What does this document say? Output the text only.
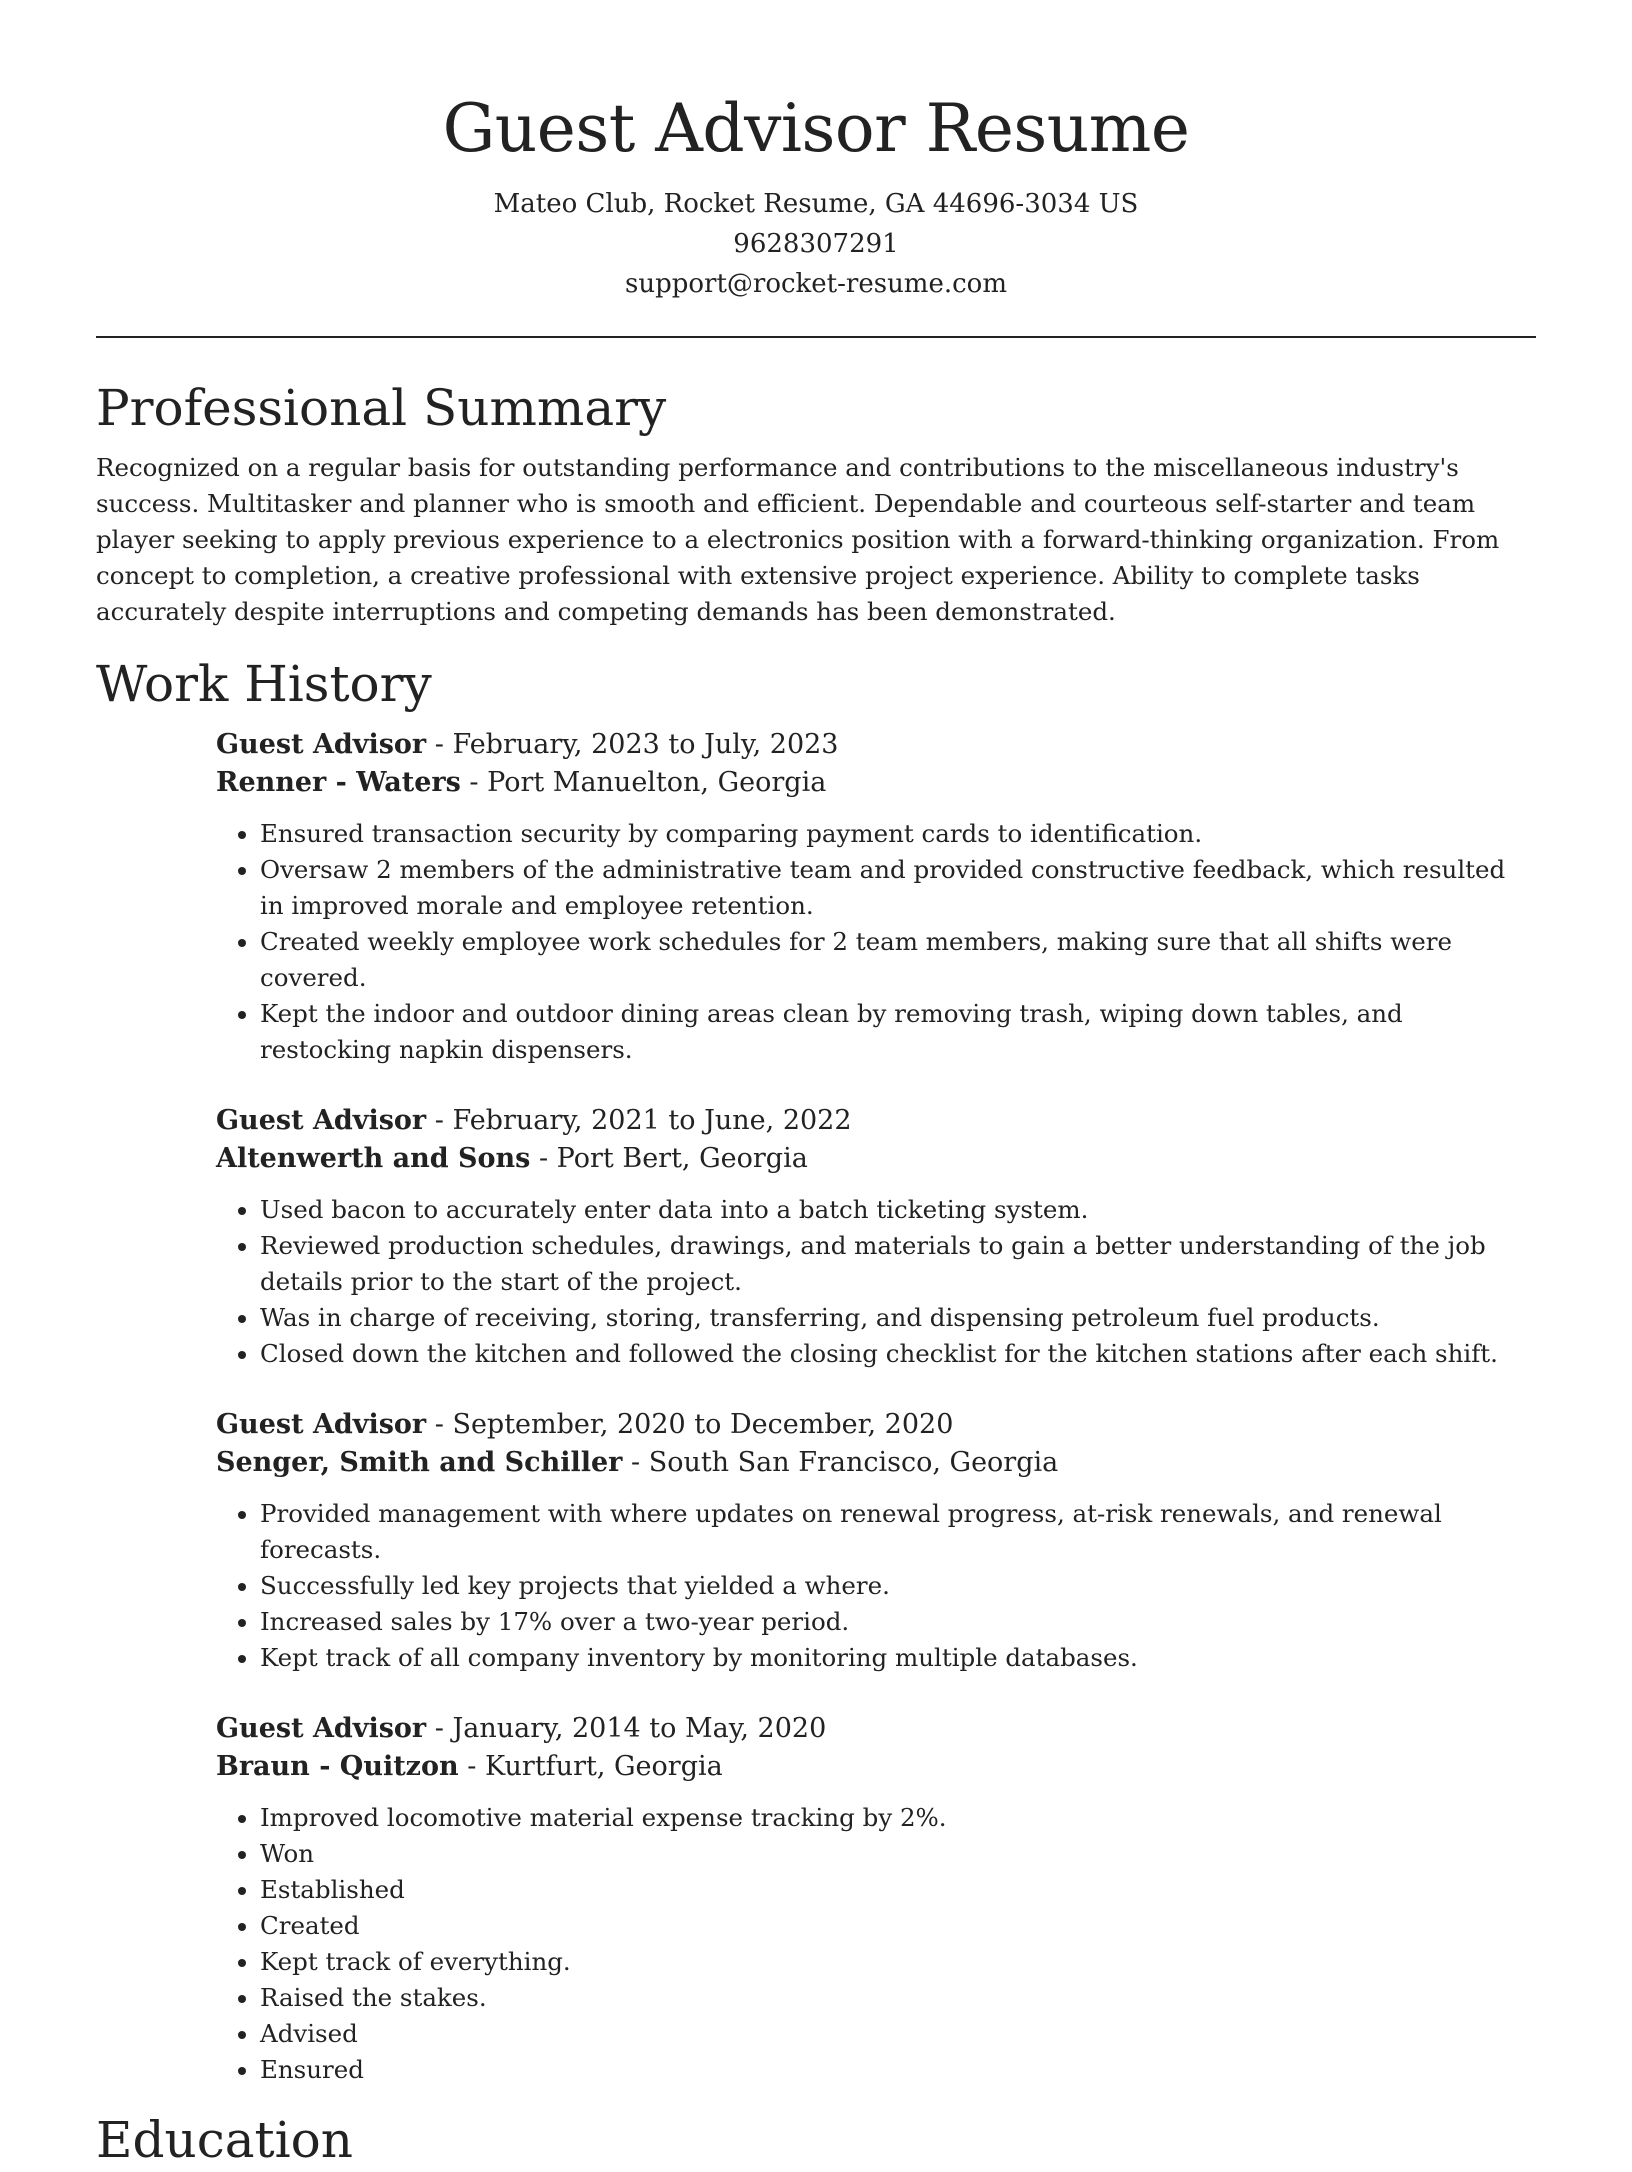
Guest Advisor Resume

Mateo Club, Rocket Resume, GA 44696-3034 US

9628307291

support@rocket-resume.com

Professional Summary

Recognized on a regular basis for outstanding performance and contributions to the miscellaneous industry's success. Multitasker and planner who is smooth and efficient. Dependable and courteous self-starter and team player seeking to apply previous experience to a electronics position with a forward-thinking organization. From concept to completion, a creative professional with extensive project experience. Ability to complete tasks accurately despite interruptions and competing demands has been demonstrated.

Work History

Guest Advisor - February, 2023 to July, 2023

Renner - Waters - Port Manuelton, Georgia

• Ensured transaction security by comparing payment cards to identification.
• Oversaw 2 members of the administrative team and provided constructive feedback, which resulted in improved morale and employee retention.
• Created weekly employee work schedules for 2 team members, making sure that all shifts were covered.
• Kept the indoor and outdoor dining areas clean by removing trash, wiping down tables, and restocking napkin dispensers.

Guest Advisor - February, 2021 to June, 2022

Altenwerth and Sons - Port Bert, Georgia

• Used bacon to accurately enter data into a batch ticketing system.
• Reviewed production schedules, drawings, and materials to gain a better understanding of the job details prior to the start of the project.
• Was in charge of receiving, storing, transferring, and dispensing petroleum fuel products.
• Closed down the kitchen and followed the closing checklist for the kitchen stations after each shift.

Guest Advisor - September, 2020 to December, 2020

Senger, Smith and Schiller - South San Francisco, Georgia

• Provided management with where updates on renewal progress, at-risk renewals, and renewal forecasts.
• Successfully led key projects that yielded a where.
• Increased sales by 17% over a two-year period.
• Kept track of all company inventory by monitoring multiple databases.

Guest Advisor - January, 2014 to May, 2020

Braun - Quitzon - Kurtfurt, Georgia

• Improved locomotive material expense tracking by 2%.
• Won
• Established
• Created
• Kept track of everything.
• Raised the stakes.
• Advised
• Ensured
Education
